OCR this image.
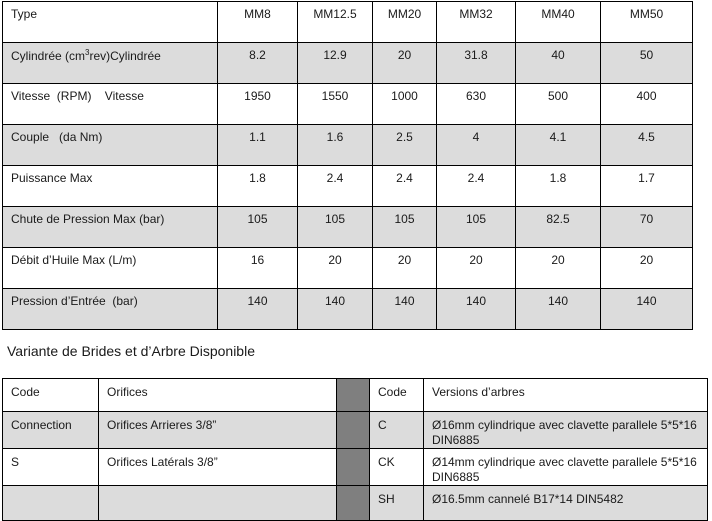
Type	MM8	MM12.5	MM20	MM32	MM40	MM50
Cylindrée $(cm^3rev)Cylindrée$	8.2	12.9	20	31.8	40	50
Vitesse  (RPM)    Vitesse	1950	1550	1000	630	500	400
Couple   (da Nm)	1.1	1.6	2.5	4	4.1	4.5
Puissance Max	1.8	2.4	2.4	2.4	1.8	1.7
Chute de Pression Max (bar)	105	105	105	105	82.5	70
Débit d’Huile Max (L/m)	16	20	20	20	20	20
Pression d’Entrée  (bar)	140	140	140	140	140	140
Variante de Brides et d’Arbre Disponible
Code	Orifices		Code	Versions d’arbres
Connection	Orifices Arrieres 3/8”		C	Ø16mm cylindrique avec clavette parallele 5*5*16 DIN6885
S	Orifices Latérals 3/8”		CK	Ø14mm cylindrique avec clavette parallele 5*5*16 DIN6885
			SH	Ø16.5mm cannelé B17*14 DIN5482
